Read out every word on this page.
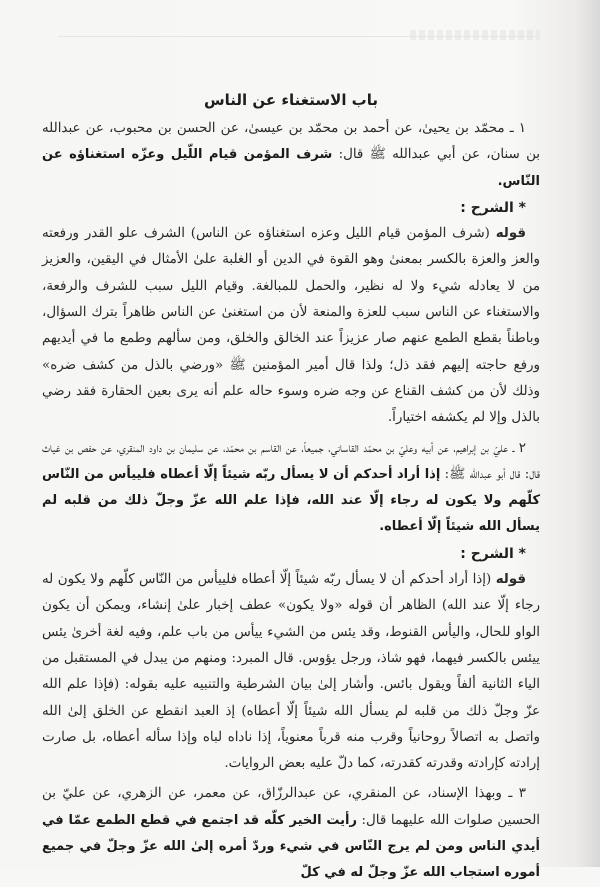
باب الاستغناء عن الناس

١ ـ محمّد بن يحيىٰ، عن أحمد بن محمّد بن عيسىٰ، عن الحسن بن محبوب، عن عبدالله بن سنان، عن أبي عبدالله ﷺ قال: شرف المؤمن قيام اللّيل وعزّه استغناؤه عن النّاس.

* الشرح :

قوله (شرف المؤمن قيام الليل وعزه استغناؤه عن الناس) الشرف علو القدر ورفعته والعز والعزة بالكسر بمعنىٰ وهو القوة في الدين أو الغلبة علىٰ الأمثال في اليقين، والعزيز من لا يعادله شيء ولا له نظير، والحمل للمبالغة. وقيام الليل سبب للشرف والرفعة، والاستغناء عن الناس سبب للعزة والمنعة لأن من استغنىٰ عن الناس ظاهراً بترك السؤال، وباطناً بقطع الطمع عنهم صار عزيزاً عند الخالق والخلق، ومن سألهم وطمع ما في أيديهم ورفع حاجته إليهم فقد ذل؛ ولذا قال أمير المؤمنين ﷺ «ورضي بالذل من كشف ضره» وذلك لأن من كشف القناع عن وجه ضره وسوء حاله علم أنه يرى بعين الحقارة فقد رضي بالذل وإلا لم يكشفه اختياراً.

٢ ـ عليّ بن إبراهيم، عن أبيه وعليّ بن محمّد القاساني، جميعاً، عن القاسم بن محمّد، عن سليمان بن داود المنقري، عن حفص بن غياث قال: قال أبو عبدالله ﷺ: إذا أراد أحدكم أن لا يسأل ربّه شيئاً إلّا أعطاه فلييأس من النّاس كلّهم ولا يكون له رجاء إلّا عند الله، فإذا علم الله عزّ وجلّ ذلك من قلبه لم يسأل الله شيئاً إلّا أعطاه.

* الشرح :

قوله (إذا أراد أحدكم أن لا يسأل ربّه شيئاً إلّا أعطاه فلييأس من النّاس كلّهم ولا يكون له رجاء إلّا عند الله) الظاهر أن قوله «ولا يكون» عطف إخبار علىٰ إنشاء، ويمكن أن يكون الواو للحال، واليأس القنوط، وقد يئس من الشيء ييأس من باب علم، وفيه لغة أخرىٰ يئس ييئس بالكسر فيهما، فهو شاذ، ورجل يؤوس. قال المبرد: ومنهم من يبدل في المستقبل من الياء الثانية ألفاً ويقول بائس. وأشار إلىٰ بيان الشرطية والتنبيه عليه بقوله: (فإذا علم الله عزّ وجلّ ذلك من قلبه لم يسأل الله شيئاً إلّا أعطاه) إذ العبد انقطع عن الخلق إلىٰ الله واتصل به اتصالاً روحانياً وقرب منه قرباً معنوياً، إذا ناداه لباه وإذا سأله أعطاه، بل صارت إرادته كإرادته وقدرته كقدرته، كما دلّ عليه بعض الروايات.

٣ ـ وبهذا الإسناد، عن المنقري، عن عبدالرزّاق، عن معمر، عن الزهري، عن عليّ بن الحسين صلوات الله عليهما قال: رأيت الخير كلّه قد اجتمع في قطع الطمع عمّا في أيدي الناس ومن لم يرج النّاس في شيء وردّ أمره إلىٰ الله عزّ وجلّ في جميع أموره استجاب الله عزّ وجلّ له في كلّ
